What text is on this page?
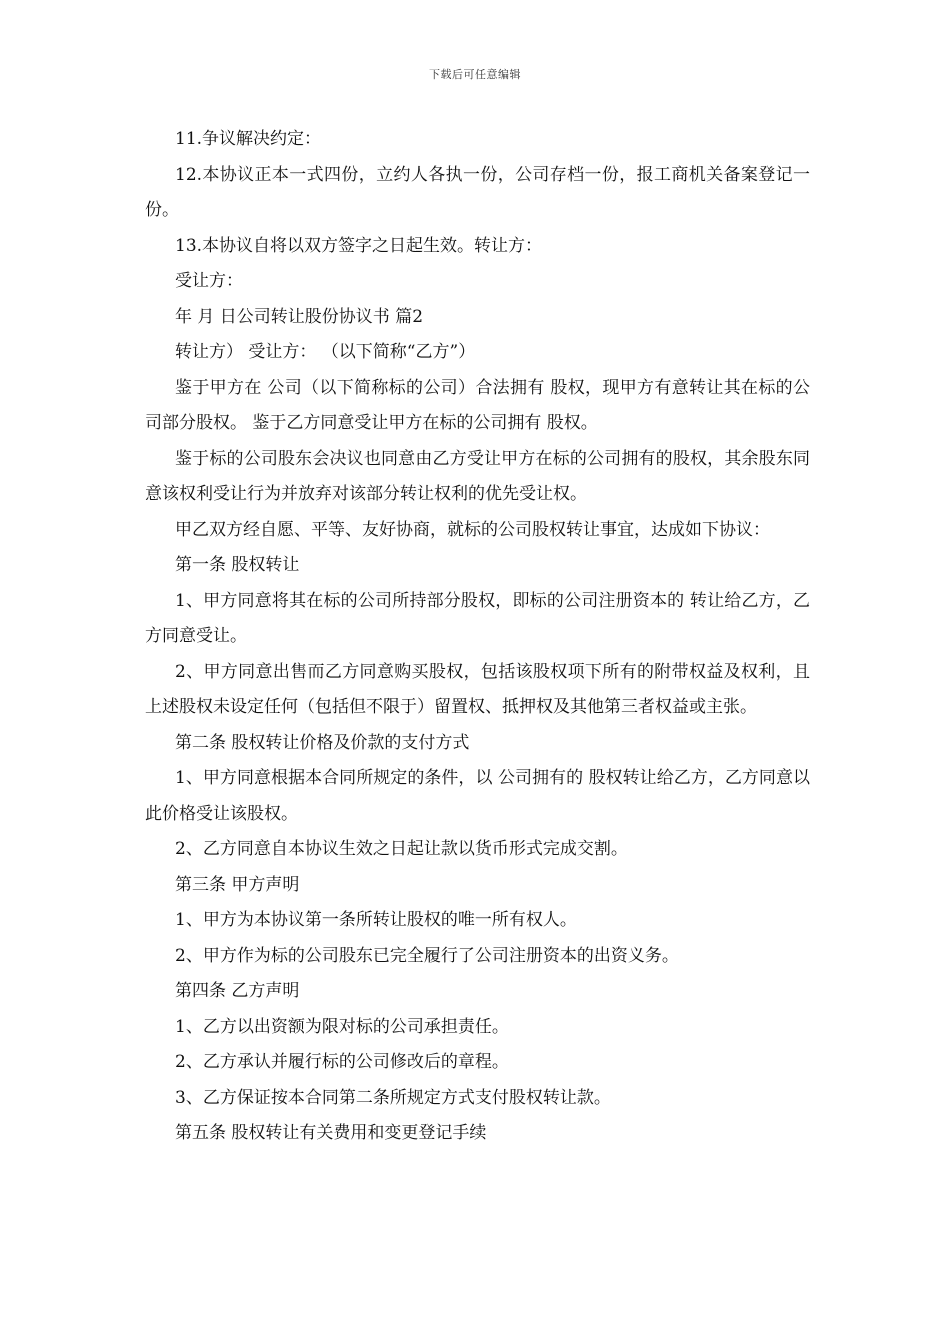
下载后可任意编辑

11.争议解决约定：

12.本协议正本一式四份，立约人各执一份，公司存档一份，报工商机关备案登记一份。

13.本协议自将以双方签字之日起生效。转让方：

受让方：

年 月 日公司转让股份协议书 篇2

转让方） 受让方： （以下简称“乙方”）

鉴于甲方在 公司（以下简称标的公司）合法拥有 股权，现甲方有意转让其在标的公司部分股权。 鉴于乙方同意受让甲方在标的公司拥有 股权。

鉴于标的公司股东会决议也同意由乙方受让甲方在标的公司拥有的股权，其余股东同意该权利受让行为并放弃对该部分转让权利的优先受让权。

甲乙双方经自愿、平等、友好协商，就标的公司股权转让事宜，达成如下协议：

第一条 股权转让

1、甲方同意将其在标的公司所持部分股权，即标的公司注册资本的 转让给乙方，乙方同意受让。

2、甲方同意出售而乙方同意购买股权，包括该股权项下所有的附带权益及权利，且上述股权未设定任何（包括但不限于）留置权、抵押权及其他第三者权益或主张。

第二条 股权转让价格及价款的支付方式

1、甲方同意根据本合同所规定的条件，以 公司拥有的 股权转让给乙方，乙方同意以此价格受让该股权。

2、乙方同意自本协议生效之日起让款以货币形式完成交割。

第三条 甲方声明

1、甲方为本协议第一条所转让股权的唯一所有权人。

2、甲方作为标的公司股东已完全履行了公司注册资本的出资义务。

第四条 乙方声明

1、乙方以出资额为限对标的公司承担责任。

2、乙方承认并履行标的公司修改后的章程。

3、乙方保证按本合同第二条所规定方式支付股权转让款。

第五条 股权转让有关费用和变更登记手续
